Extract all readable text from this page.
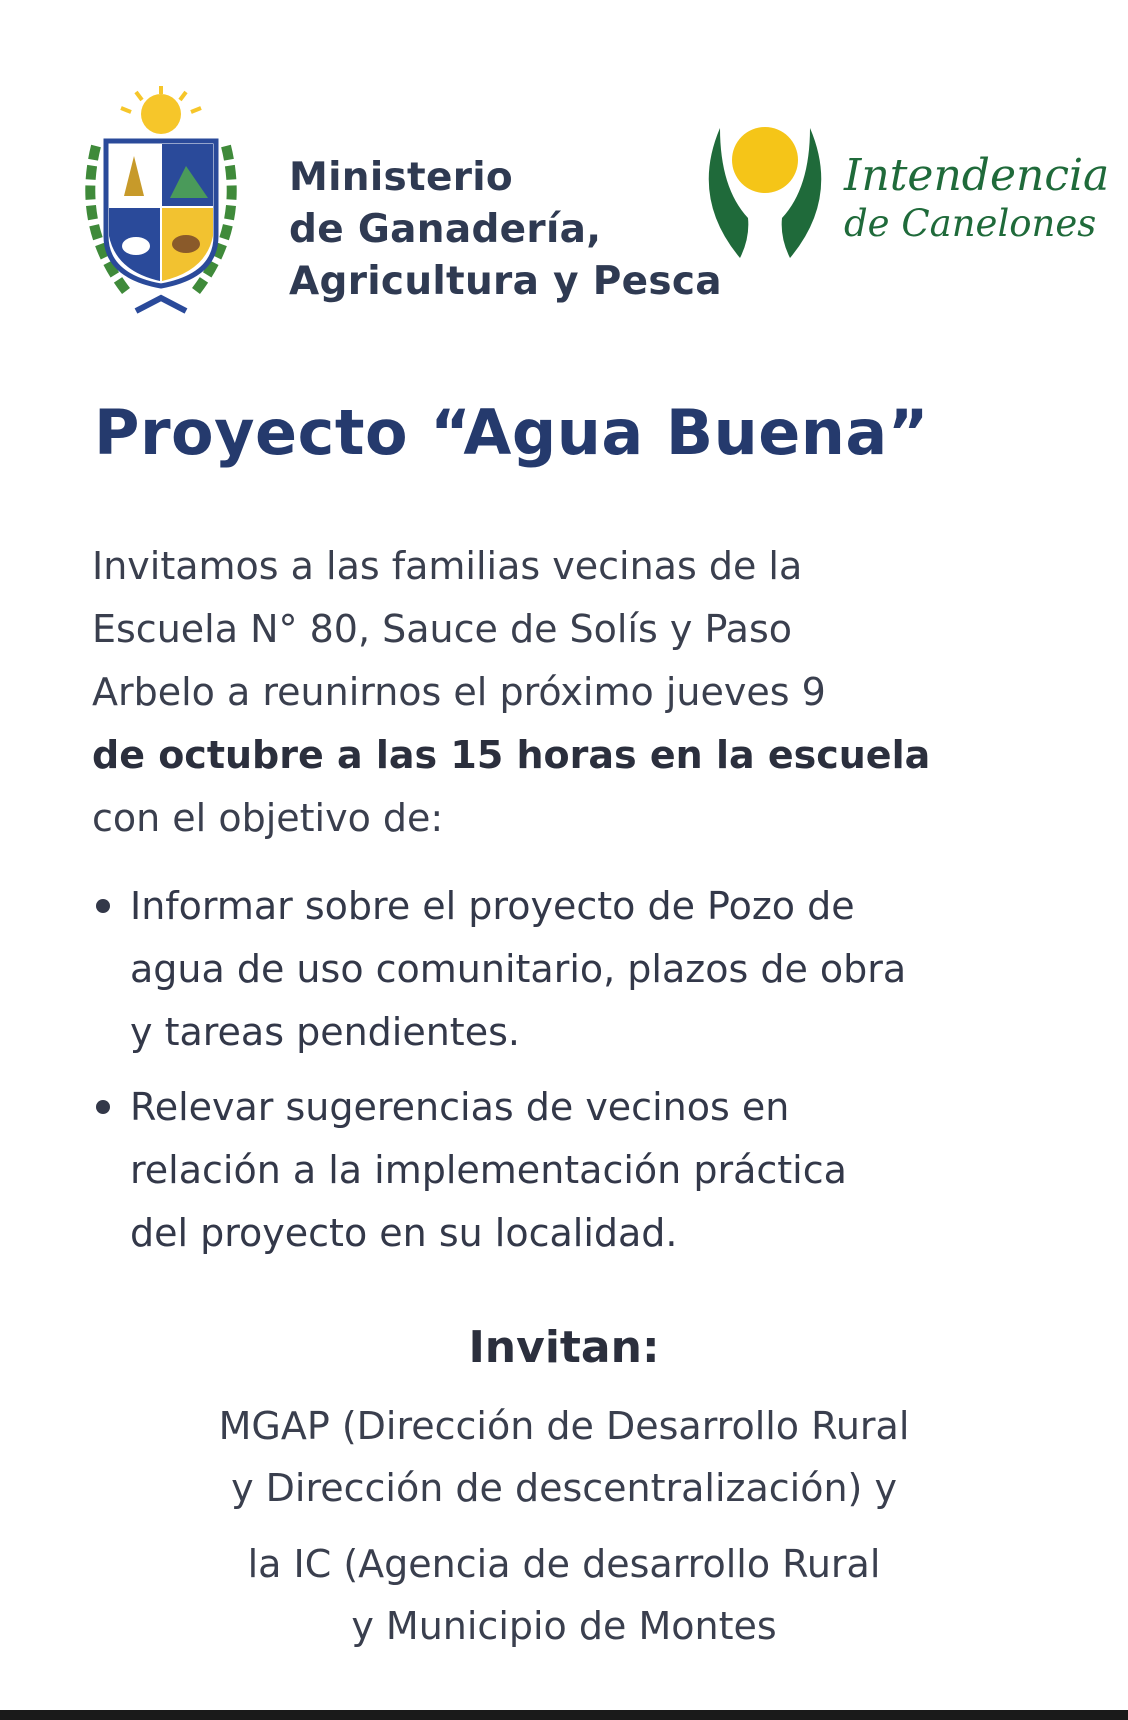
Ministerio
de Ganadería,
Agricultura y Pesca
Intendencia
de Canelones
Proyecto “Agua Buena”
Invitamos a las familias vecinas de la
Escuela N° 80, Sauce de Solís y Paso
Arbelo a reunirnos el próximo jueves 9
de octubre a las 15 horas en la escuela
con el objetivo de:
Informar sobre el proyecto de Pozo de
agua de uso comunitario, plazos de obra
y tareas pendientes.
Relevar sugerencias de vecinos en
relación a la implementación práctica
del proyecto en su localidad.
Invitan:
MGAP (Dirección de Desarrollo Rural
y Dirección de descentralización) y
la IC (Agencia de desarrollo Rural
y Municipio de Montes
